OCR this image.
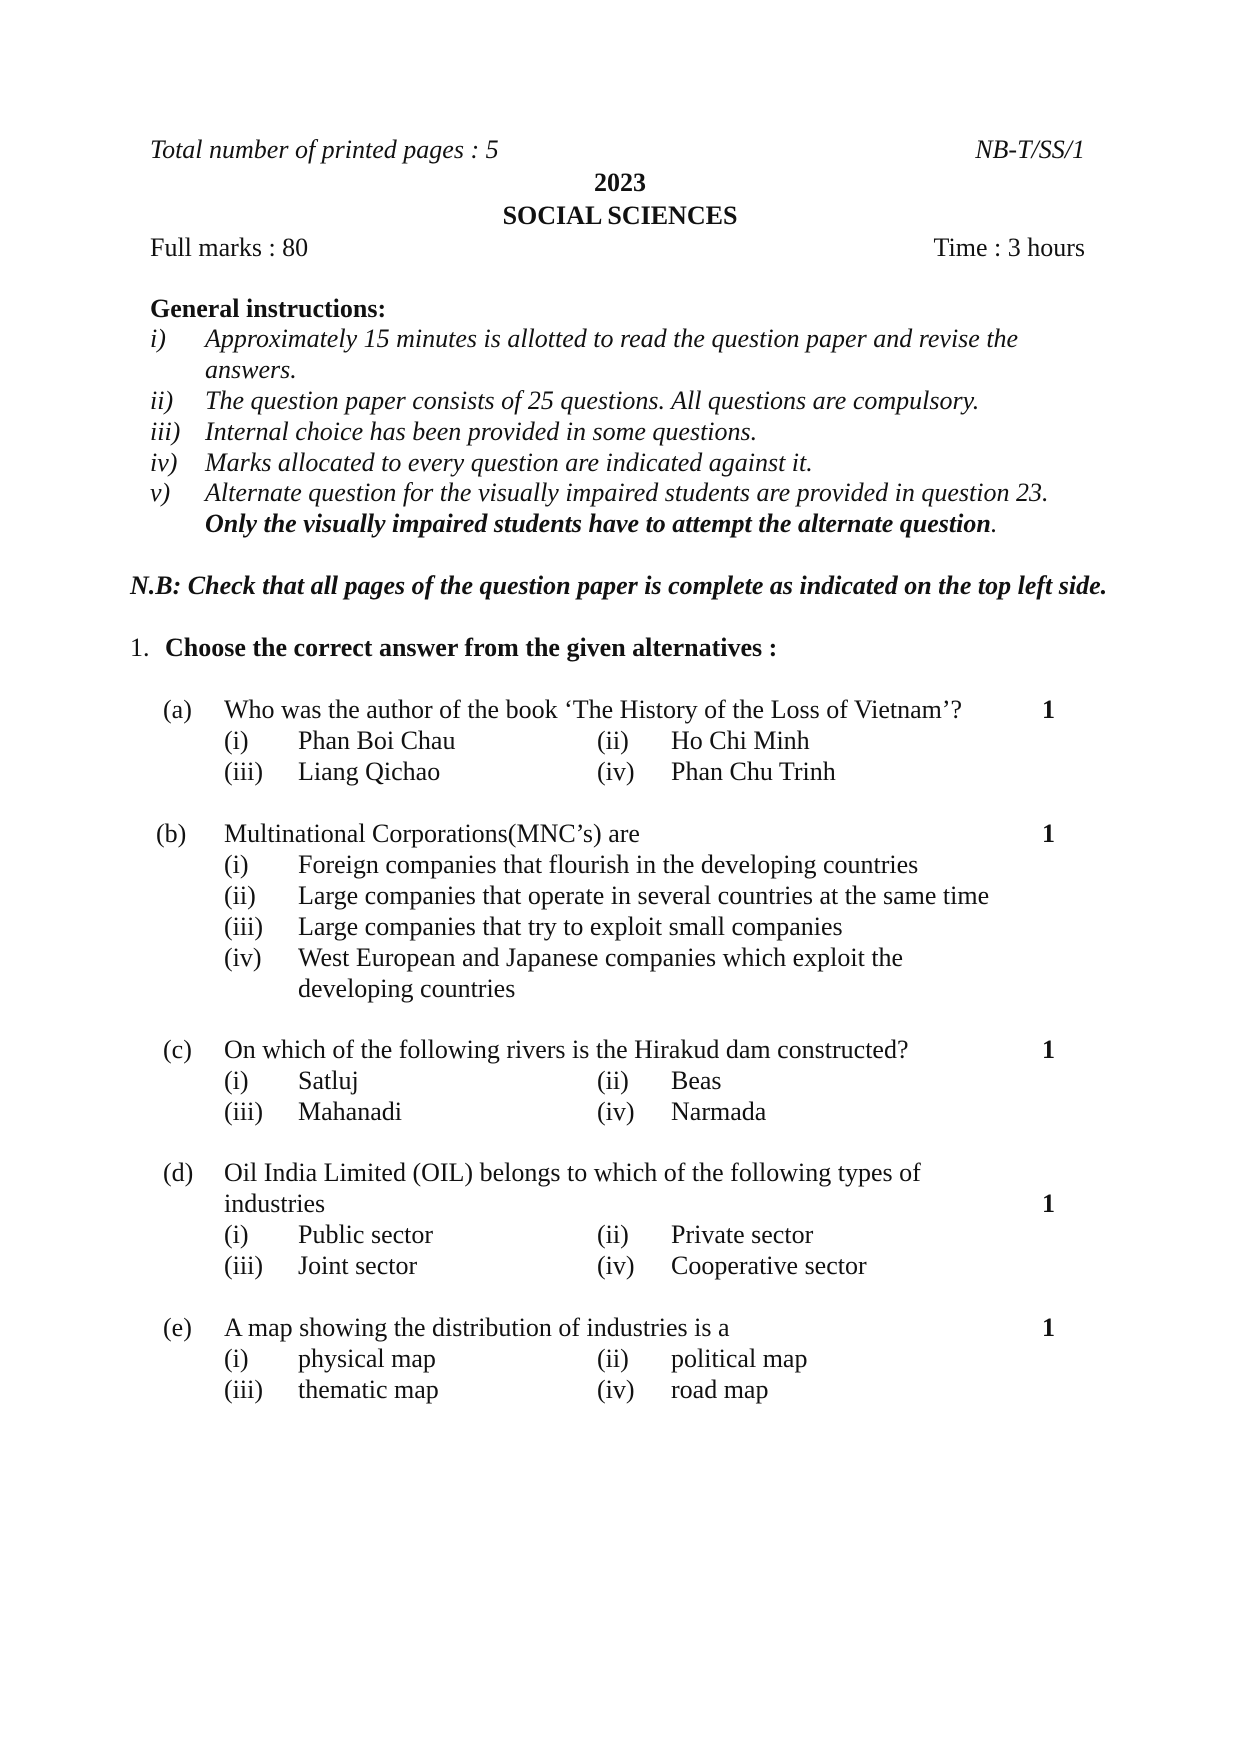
Total number of printed pages : 5	NB-T/SS/1
2023
SOCIAL SCIENCES
Full marks : 80	Time : 3 hours
General instructions:
i) Approximately 15 minutes is allotted to read the question paper and revise the
answers.
ii) The question paper consists of 25 questions. All questions are compulsory.
iii) Internal choice has been provided in some questions.
iv) Marks allocated to every question are indicated against it.
v) Alternate question for the visually impaired students are provided in question 23.
Only the visually impaired students have to attempt the alternate question.
N.B: Check that all pages of the question paper is complete as indicated on the top left side.
1. Choose the correct answer from the given alternatives :
(a) Who was the author of the book ‘The History of the Loss of Vietnam’?	1
(i) Phan Boi Chau	(ii) Ho Chi Minh
(iii) Liang Qichao	(iv) Phan Chu Trinh
(b) Multinational Corporations(MNC’s) are	1
(i) Foreign companies that flourish in the developing countries
(ii) Large companies that operate in several countries at the same time
(iii) Large companies that try to exploit small companies
(iv) West European and Japanese companies which exploit the
developing countries
(c) On which of the following rivers is the Hirakud dam constructed?	1
(i) Satluj	(ii) Beas
(iii) Mahanadi	(iv) Narmada
(d) Oil India Limited (OIL) belongs to which of the following types of
industries	1
(i) Public sector	(ii) Private sector
(iii) Joint sector	(iv) Cooperative sector
(e) A map showing the distribution of industries is a	1
(i) physical map	(ii) political map
(iii) thematic map	(iv) road map
